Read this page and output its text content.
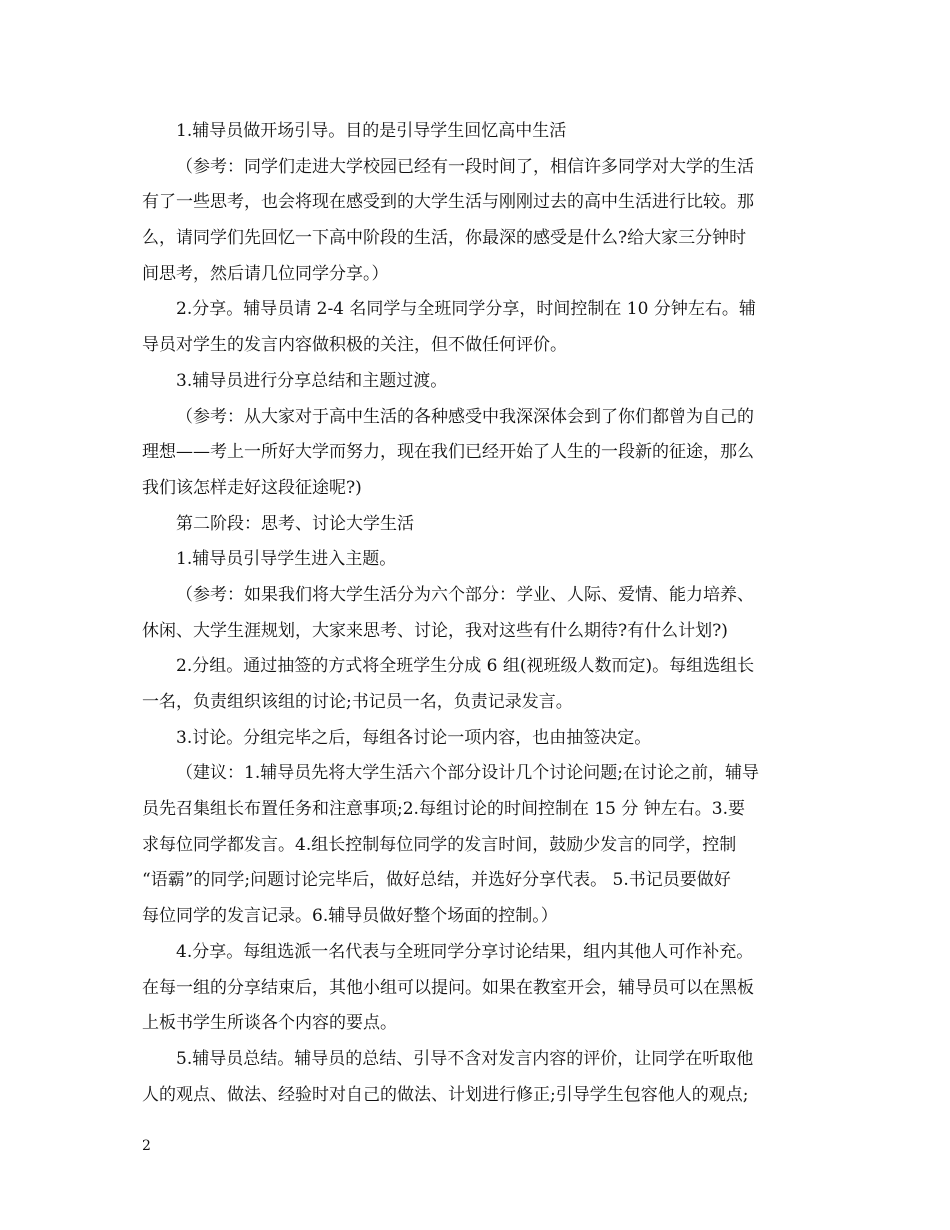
1.辅导员做开场引导。目的是引导学生回忆高中生活
（参考：同学们走进大学校园已经有一段时间了，相信许多同学对大学的生活
有了一些思考，也会将现在感受到的大学生活与刚刚过去的高中生活进行比较。那
么，请同学们先回忆一下高中阶段的生活，你最深的感受是什么?给大家三分钟时
间思考，然后请几位同学分享。）
2.分享。辅导员请 2-4 名同学与全班同学分享，时间控制在 10 分钟左右。辅
导员对学生的发言内容做积极的关注，但不做任何评价。
3.辅导员进行分享总结和主题过渡。
（参考：从大家对于高中生活的各种感受中我深深体会到了你们都曾为自己的
理想——考上一所好大学而努力，现在我们已经开始了人生的一段新的征途，那么
我们该怎样走好这段征途呢?)
第二阶段：思考、讨论大学生活
1.辅导员引导学生进入主题。
（参考：如果我们将大学生活分为六个部分：学业、人际、爱情、能力培养、
休闲、大学生涯规划，大家来思考、讨论，我对这些有什么期待?有什么计划?)
2.分组。通过抽签的方式将全班学生分成 6 组(视班级人数而定)。每组选组长
一名，负责组织该组的讨论;书记员一名，负责记录发言。
3.讨论。分组完毕之后，每组各讨论一项内容，也由抽签决定。
（建议：1.辅导员先将大学生活六个部分设计几个讨论问题;在讨论之前，辅导
员先召集组长布置任务和注意事项;2.每组讨论的时间控制在 15 分 钟左右。3.要
求每位同学都发言。4.组长控制每位同学的发言时间，鼓励少发言的同学，控制
“语霸”的同学;问题讨论完毕后，做好总结，并选好分享代表。 5.书记员要做好
每位同学的发言记录。6.辅导员做好整个场面的控制。）
4.分享。每组选派一名代表与全班同学分享讨论结果，组内其他人可作补充。
在每一组的分享结束后，其他小组可以提问。如果在教室开会，辅导员可以在黑板
上板书学生所谈各个内容的要点。
5.辅导员总结。辅导员的总结、引导不含对发言内容的评价，让同学在听取他
人的观点、做法、经验时对自己的做法、计划进行修正;引导学生包容他人的观点;
2
